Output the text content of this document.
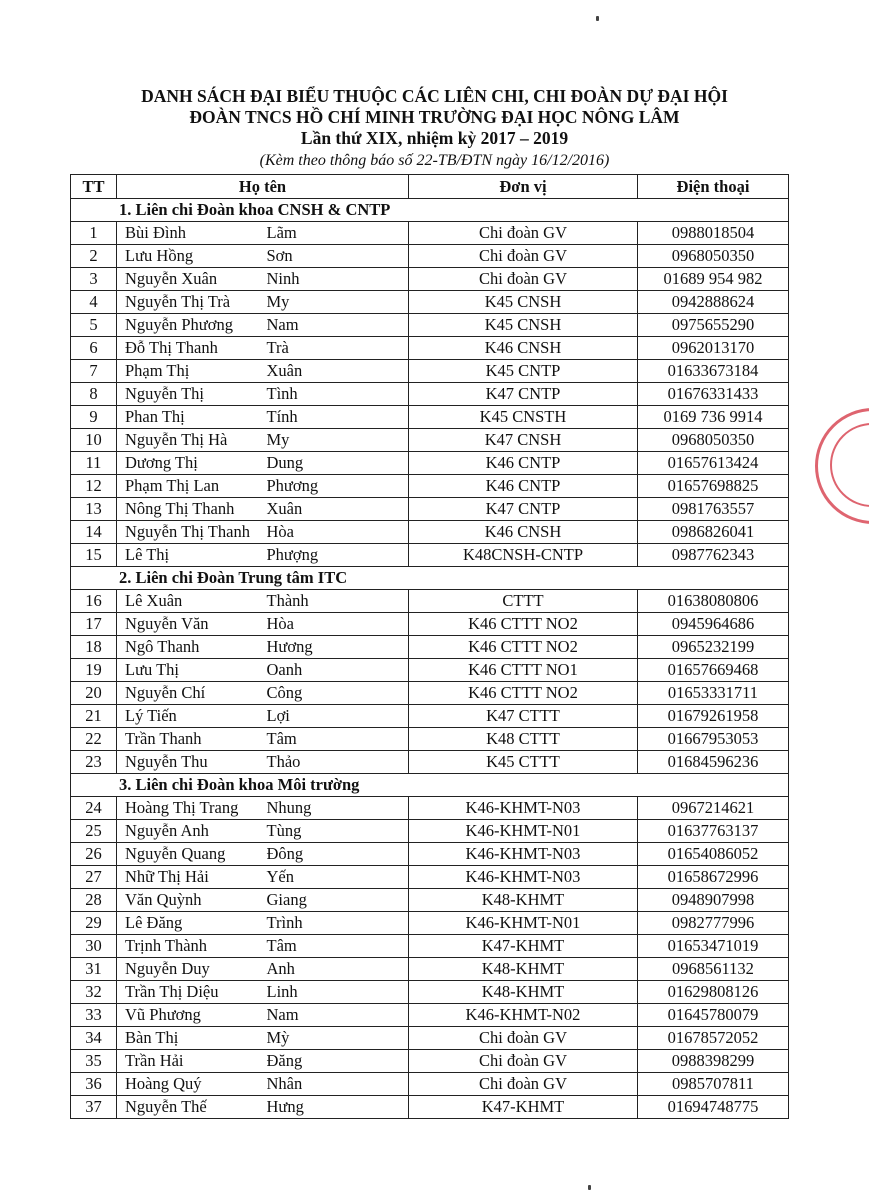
DANH SÁCH ĐẠI BIỂU THUỘC CÁC LIÊN CHI, CHI ĐOÀN DỰ ĐẠI HỘI
ĐOÀN TNCS HỒ CHÍ MINH TRƯỜNG ĐẠI HỌC NÔNG LÂM
Lần thứ XIX, nhiệm kỳ 2017 – 2019
(Kèm theo thông báo số 22-TB/ĐTN ngày 16/12/2016)
TT	Họ tên		Đơn vị	Điện thoại
1. Liên chi Đoàn khoa CNSH & CNTP				
1	Bùi Đình	Lãm	Chi đoàn GV	0988018504
2	Lưu Hồng	Sơn	Chi đoàn GV	0968050350
3	Nguyễn Xuân	Ninh	Chi đoàn GV	01689 954 982
4	Nguyễn Thị Trà	My	K45 CNSH	0942888624
5	Nguyễn Phương	Nam	K45 CNSH	0975655290
6	Đỗ Thị Thanh	Trà	K46 CNSH	0962013170
7	Phạm Thị	Xuân	K45 CNTP	01633673184
8	Nguyễn Thị	Tình	K47 CNTP	01676331433
9	Phan Thị	Tính	K45 CNSTH	0169 736 9914
10	Nguyễn Thị Hà	My	K47 CNSH	0968050350
11	Dương Thị	Dung	K46 CNTP	01657613424
12	Phạm Thị Lan	Phương	K46 CNTP	01657698825
13	Nông Thị Thanh	Xuân	K47 CNTP	0981763557
14	Nguyễn Thị Thanh	Hòa	K46 CNSH	0986826041
15	Lê Thị	Phượng	K48CNSH-CNTP	0987762343
2. Liên chi Đoàn Trung tâm ITC				
16	Lê Xuân	Thành	CTTT	01638080806
17	Nguyễn Văn	Hòa	K46 CTTT NO2	0945964686
18	Ngô Thanh	Hương	K46 CTTT NO2	0965232199
19	Lưu Thị	Oanh	K46 CTTT NO1	01657669468
20	Nguyễn Chí	Công	K46 CTTT NO2	01653331711
21	Lý Tiến	Lợi	K47 CTTT	01679261958
22	Trần Thanh	Tâm	K48 CTTT	01667953053
23	Nguyễn Thu	Thảo	K45 CTTT	01684596236
3. Liên chi Đoàn khoa Môi trường				
24	Hoàng Thị Trang	Nhung	K46-KHMT-N03	0967214621
25	Nguyễn Anh	Tùng	K46-KHMT-N01	01637763137
26	Nguyễn Quang	Đông	K46-KHMT-N03	01654086052
27	Nhữ Thị Hải	Yến	K46-KHMT-N03	01658672996
28	Văn Quỳnh	Giang	K48-KHMT	0948907998
29	Lê Đăng	Trình	K46-KHMT-N01	0982777996
30	Trịnh Thành	Tâm	K47-KHMT	01653471019
31	Nguyễn Duy	Anh	K48-KHMT	0968561132
32	Trần Thị Diệu	Linh	K48-KHMT	01629808126
33	Vũ Phương	Nam	K46-KHMT-N02	01645780079
34	Bàn Thị	Mỳ	Chi đoàn GV	01678572052
35	Trần Hải	Đăng	Chi đoàn GV	0988398299
36	Hoàng Quý	Nhân	Chi đoàn GV	0985707811
37	Nguyễn Thế	Hưng	K47-KHMT	01694748775
